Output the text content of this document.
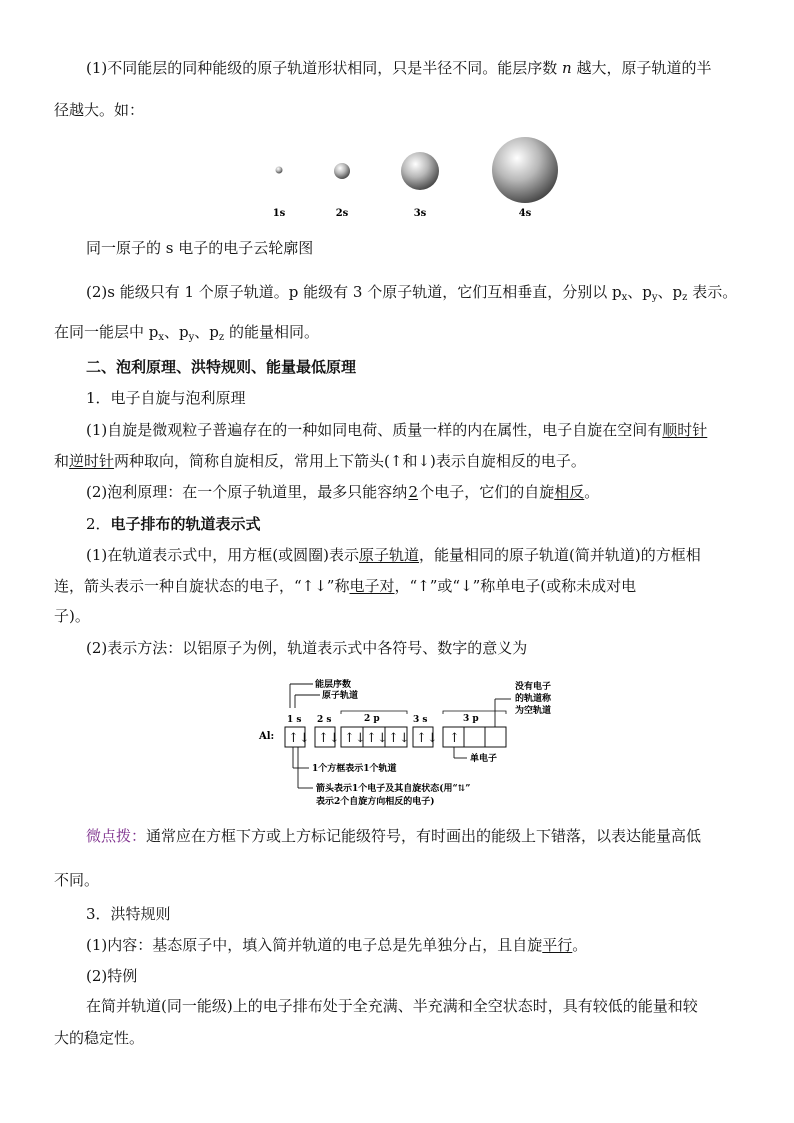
(1)不同能层的同种能级的原子轨道形状相同，只是半径不同。能层序数 n 越大，原子轨道的半
径越大。如：
1s	2s	3s	4s
同一原子的 s 电子的电子云轮廓图
(2)s 能级只有 1 个原子轨道。p 能级有 3 个原子轨道，它们互相垂直，分别以 $p_x$、$p_y$、$p_z$ 表示。
在同一能层中 $p_x$、$p_y$、$p_z$ 的能量相同。
二、泡利原理、洪特规则、能量最低原理
1．电子自旋与泡利原理
(1)自旋是微观粒子普遍存在的一种如同电荷、质量一样的内在属性，电子自旋在空间有顺时针
和逆时针两种取向，简称自旋相反，常用上下箭头(↑和↓)表示自旋相反的电子。
(2)泡利原理：在一个原子轨道里，最多只能容纳2个电子，它们的自旋相反。
2．电子排布的轨道表示式
(1)在轨道表示式中，用方框(或圆圈)表示原子轨道，能量相同的原子轨道(简并轨道)的方框相
连，箭头表示一种自旋状态的电子，“↑↓”称电子对，“↑”或“↓”称单电子(或称未成对电
子)。
(2)表示方法：以铝原子为例，轨道表示式中各符号、数字的意义为
Al:
能层序数
原子轨道
1 s 2 s	2 p	3 s	3 p
↑↓ ↑↓ ↑↓ ↑↓ ↑↓ ↑↓ ↑
没有电子
的轨道称
为空轨道
单电子
1个方框表示1个轨道
箭头表示1个电子及其自旋状态(用“⇅”
表示2个自旋方向相反的电子)
微点拨：通常应在方框下方或上方标记能级符号，有时画出的能级上下错落，以表达能量高低
不同。
3．洪特规则
(1)内容：基态原子中，填入简并轨道的电子总是先单独分占，且自旋平行。
(2)特例
在简并轨道(同一能级)上的电子排布处于全充满、半充满和全空状态时，具有较低的能量和较
大的稳定性。
